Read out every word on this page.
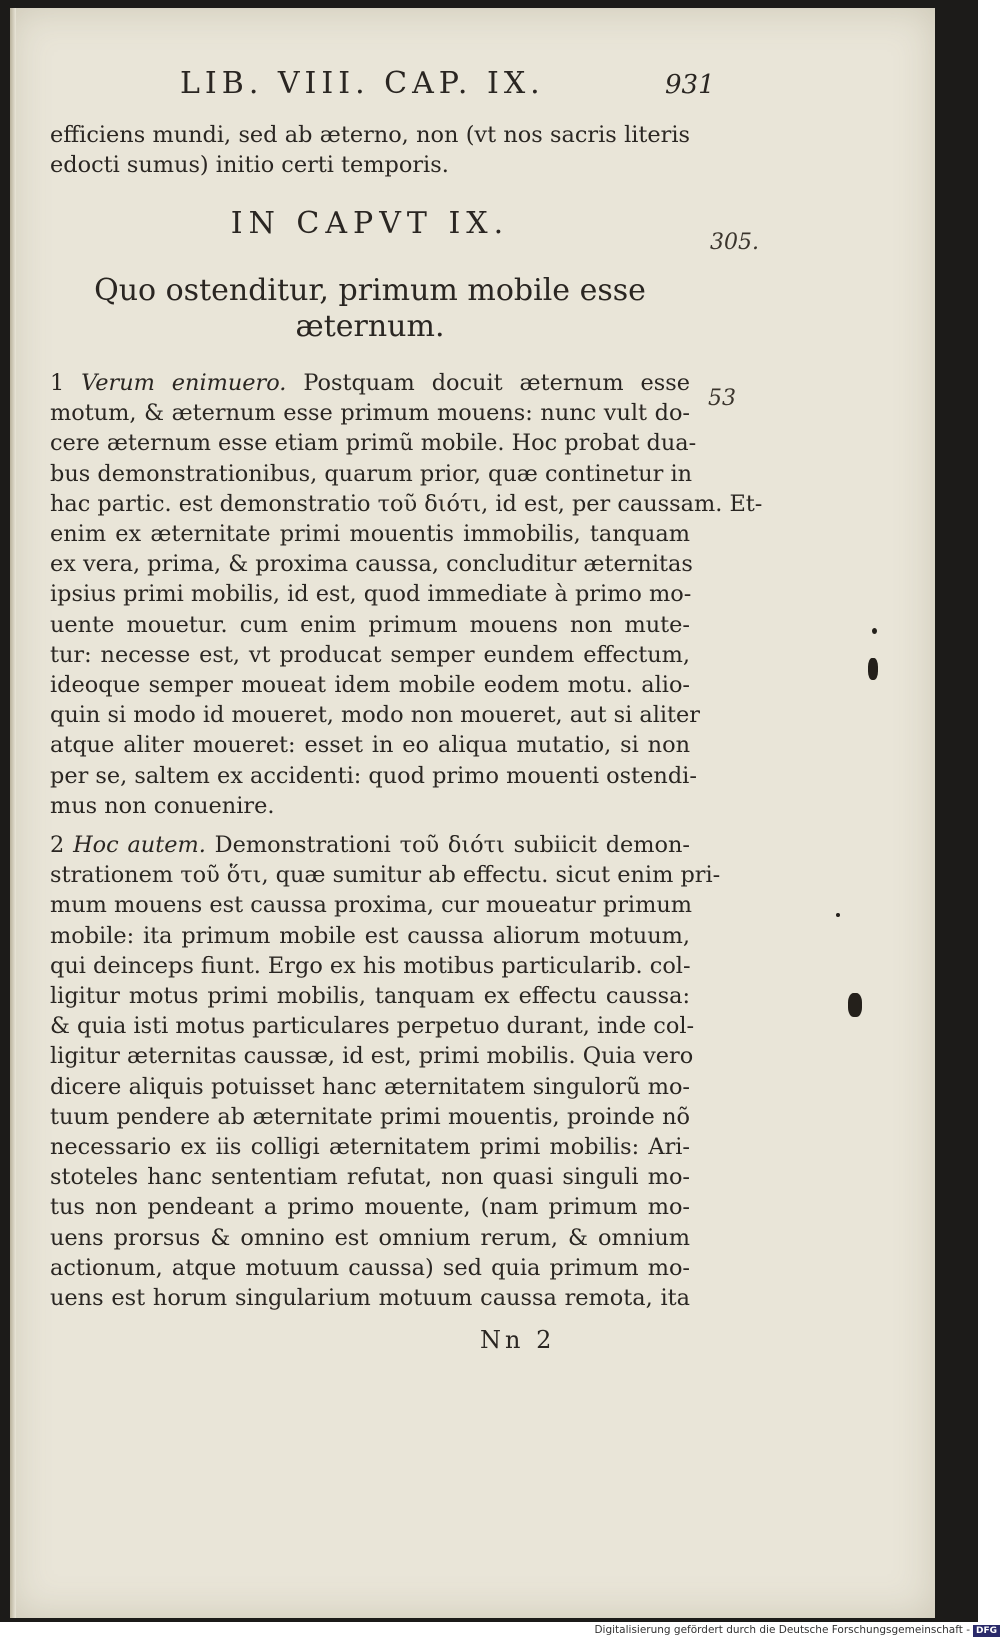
LIB. VIII. CAP. IX.	931
305.
53
efficiens mundi, sed ab æterno, non (vt nos sacris literis
edocti sumus) initio certi temporis.
IN CAPVT IX.
Quo ostenditur, primum mobile esse
æternum.
1 Verum enimuero. Postquam docuit æternum esse
motum, & æternum esse primum mouens: nunc vult do-
cere æternum esse etiam primũ mobile. Hoc probat dua-
bus demonstrationibus, quarum prior, quæ continetur in
hac partic. est demonstratio τοῦ διότι, id est, per caussam. Et-
enim ex æternitate primi mouentis immobilis, tanquam
ex vera, prima, & proxima caussa, concluditur æternitas
ipsius primi mobilis, id est, quod immediate à primo mo-
uente mouetur. cum enim primum mouens non mute-
tur: necesse est, vt producat semper eundem effectum,
ideoque semper moueat idem mobile eodem motu. alio-
quin si modo id moueret, modo non moueret, aut si aliter
atque aliter moueret: esset in eo aliqua mutatio, si non
per se, saltem ex accidenti: quod primo mouenti ostendi-
mus non conuenire.
2 Hoc autem. Demonstrationi τοῦ διότι subiicit demon-
strationem τοῦ ὅτι, quæ sumitur ab effectu. sicut enim pri-
mum mouens est caussa proxima, cur moueatur primum
mobile: ita primum mobile est caussa aliorum motuum,
qui deinceps fiunt. Ergo ex his motibus particularib. col-
ligitur motus primi mobilis, tanquam ex effectu caussa:
& quia isti motus particulares perpetuo durant, inde col-
ligitur æternitas caussæ, id est, primi mobilis. Quia vero
dicere aliquis potuisset hanc æternitatem singulorũ mo-
tuum pendere ab æternitate primi mouentis, proinde nõ
necessario ex iis colligi æternitatem primi mobilis: Ari-
stoteles hanc sententiam refutat, non quasi singuli mo-
tus non pendeant a primo mouente, (nam primum mo-
uens prorsus & omnino est omnium rerum, & omnium
actionum, atque motuum caussa) sed quia primum mo-
uens est horum singularium motuum caussa remota, ita
Nn 2
Digitalisierung gefördert durch die Deutsche Forschungsgemeinschaft - DFG
